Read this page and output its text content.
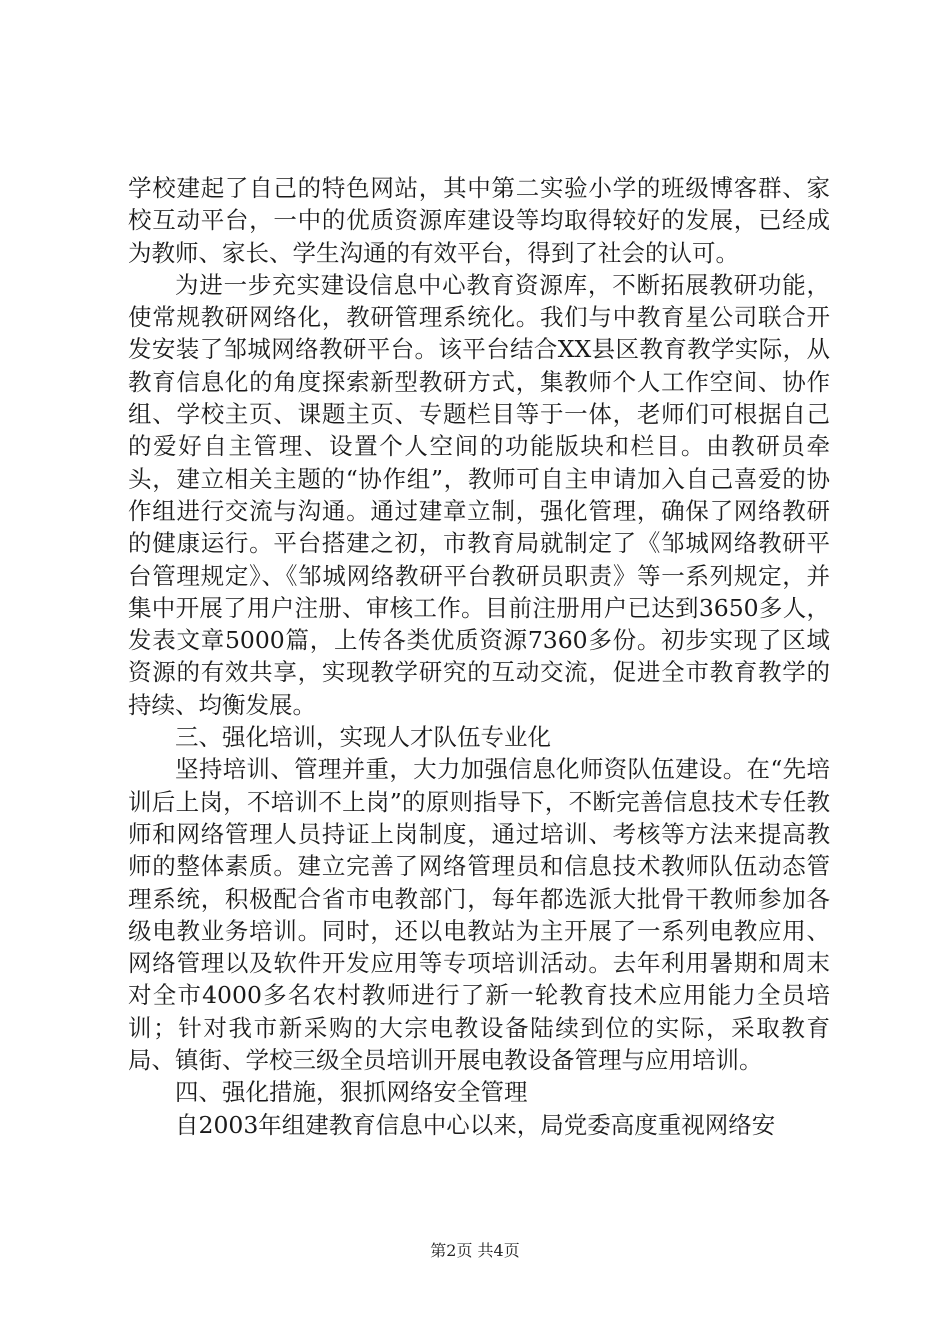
学校建起了自己的特色网站，其中第二实验小学的班级博客群、家校互动平台，一中的优质资源库建设等均取得较好的发展，已经成为教师、家长、学生沟通的有效平台，得到了社会的认可。

为进一步充实建设信息中心教育资源库，不断拓展教研功能，使常规教研网络化，教研管理系统化。我们与中教育星公司联合开发安装了邹城网络教研平台。该平台结合XX县区教育教学实际，从教育信息化的角度探索新型教研方式，集教师个人工作空间、协作组、学校主页、课题主页、专题栏目等于一体，老师们可根据自己的爱好自主管理、设置个人空间的功能版块和栏目。由教研员牵头，建立相关主题的“协作组”，教师可自主申请加入自己喜爱的协作组进行交流与沟通。通过建章立制，强化管理，确保了网络教研的健康运行。平台搭建之初，市教育局就制定了《邹城网络教研平台管理规定》、《邹城网络教研平台教研员职责》等一系列规定，并集中开展了用户注册、审核工作。目前注册用户已达到3650多人，发表文章5000篇，上传各类优质资源7360多份。初步实现了区域资源的有效共享，实现教学研究的互动交流，促进全市教育教学的持续、均衡发展。

三、强化培训，实现人才队伍专业化

坚持培训、管理并重，大力加强信息化师资队伍建设。在“先培训后上岗，不培训不上岗”的原则指导下，不断完善信息技术专任教师和网络管理人员持证上岗制度，通过培训、考核等方法来提高教师的整体素质。建立完善了网络管理员和信息技术教师队伍动态管理系统，积极配合省市电教部门，每年都选派大批骨干教师参加各级电教业务培训。同时，还以电教站为主开展了一系列电教应用、网络管理以及软件开发应用等专项培训活动。去年利用暑期和周末对全市4000多名农村教师进行了新一轮教育技术应用能力全员培训；针对我市新采购的大宗电教设备陆续到位的实际，采取教育局、镇街、学校三级全员培训开展电教设备管理与应用培训。

四、强化措施，狠抓网络安全管理

自2003年组建教育信息中心以来，局党委高度重视网络安

第2页 共4页
